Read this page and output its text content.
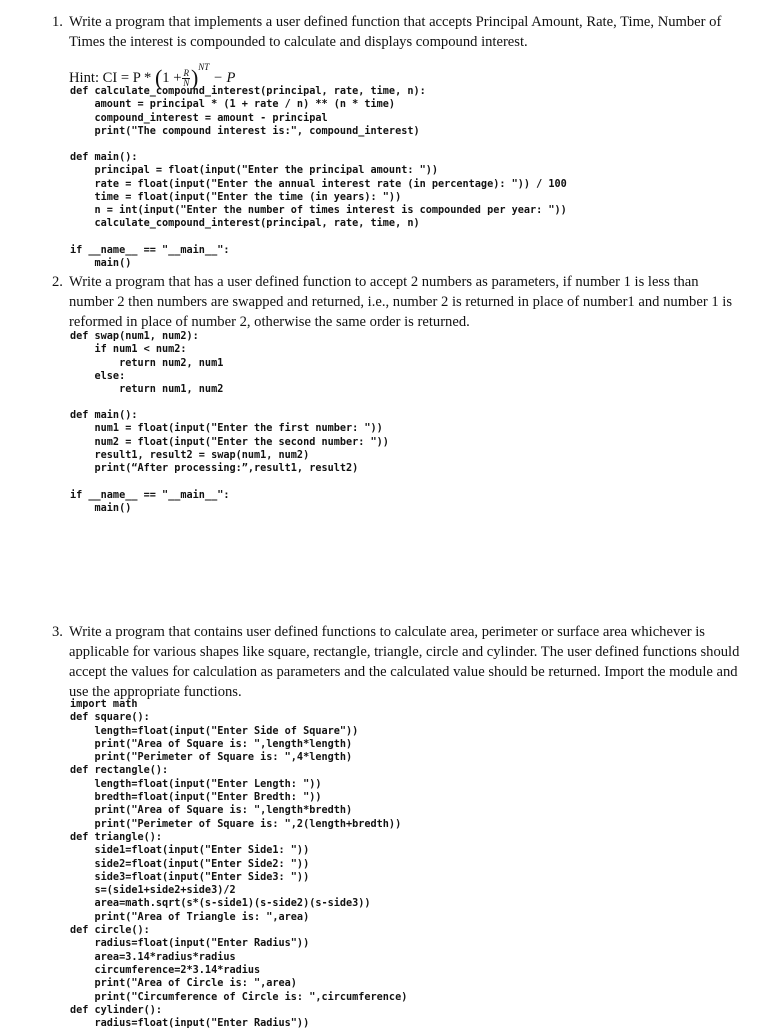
1. Write a program that implements a user defined function that accepts Principal Amount, Rate, Time, Number of Times the interest is compounded to calculate and displays compound interest.
Hint: CI = $P * (1 + \frac{R}{N} )^{NT} - P$
def calculate_compound_interest(principal, rate, time, n):
amount = principal * (1 + rate / n) ** (n * time)
compound_interest = amount - principal
print("The compound interest is:", compound_interest)
def main():
principal = float(input("Enter the principal amount: "))
rate = float(input("Enter the annual interest rate (in percentage): ")) / 100
time = float(input("Enter the time (in years): "))
n = int(input("Enter the number of times interest is compounded per year: "))
calculate_compound_interest(principal, rate, time, n)
if __name__ == "__main__":
main()
2. Write a program that has a user defined function to accept 2 numbers as parameters, if number 1 is less than number 2 then numbers are swapped and returned, i.e., number 2 is returned in place of number1 and number 1 is reformed in place of number 2, otherwise the same order is returned.
def swap(num1, num2):
if num1 < num2:
return num2, num1
else:
return num1, num2
def main():
num1 = float(input("Enter the first number: "))
num2 = float(input("Enter the second number: "))
result1, result2 = swap(num1, num2)
print(“After processing:”,result1, result2)
if __name__ == "__main__":
main()
3. Write a program that contains user defined functions to calculate area, perimeter or surface area whichever is applicable for various shapes like square, rectangle, triangle, circle and cylinder. The user defined functions should accept the values for calculation as parameters and the calculated value should be returned. Import the module and use the appropriate functions.
import math
def square():
length=float(input("Enter Side of Square"))
print("Area of Square is: ",length*length)
print("Perimeter of Square is: ",4*length)
def rectangle():
length=float(input("Enter Length: "))
bredth=float(input("Enter Bredth: "))
print("Area of Square is: ",length*bredth)
print("Perimeter of Square is: ",2(length+bredth))
def triangle():
side1=float(input("Enter Side1: "))
side2=float(input("Enter Side2: "))
side3=float(input("Enter Side3: "))
s=(side1+side2+side3)/2
area=math.sqrt(s*(s-side1)(s-side2)(s-side3))
print("Area of Triangle is: ",area)
def circle():
radius=float(input("Enter Radius"))
area=3.14*radius*radius
circumference=2*3.14*radius
print("Area of Circle is: ",area)
print("Circumference of Circle is: ",circumference)
def cylinder():
radius=float(input("Enter Radius"))
